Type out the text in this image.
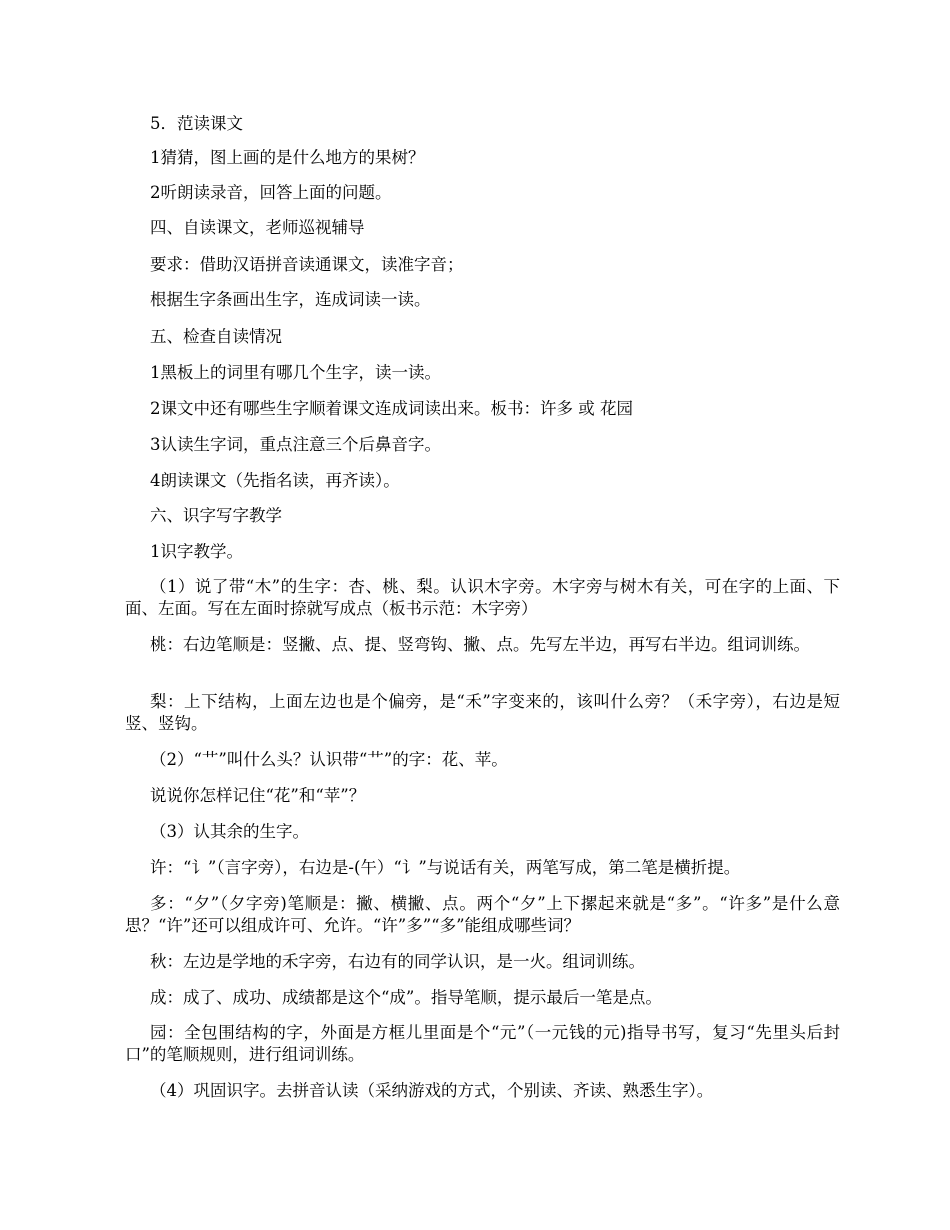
5．范读课文
1猜猜，图上画的是什么地方的果树？
2听朗读录音，回答上面的问题。
四、自读课文，老师巡视辅导
要求：借助汉语拼音读通课文，读准字音；
根据生字条画出生字，连成词读一读。
五、检查自读情况
1黑板上的词里有哪几个生字，读一读。
2课文中还有哪些生字顺着课文连成词读出来。板书：许多 或 花园
3认读生字词，重点注意三个后鼻音字。
4朗读课文（先指名读，再齐读）。
六、识字写字教学
1识字教学。
（1）说了带“木”的生字：杏、桃、梨。认识木字旁。木字旁与树木有关，可在字的上面、下面、左面。写在左面时捺就写成点（板书示范：木字旁）
桃：右边笔顺是：竖撇、点、提、竖弯钩、撇、点。先写左半边，再写右半边。组词训练。
梨：上下结构，上面左边也是个偏旁，是“禾”字变来的，该叫什么旁？（禾字旁），右边是短竖、竖钩。
（2）“艹”叫什么头？认识带“艹”的字：花、苹。
说说你怎样记住“花”和“苹”？
（3）认其余的生字。
许：“讠”（言字旁），右边是-(午）“讠”与说话有关，两笔写成，第二笔是横折提。
多：“夕”（夕字旁)笔顺是：撇、横撇、点。两个“夕”上下摞起来就是“多”。“许多”是什么意思？“许”还可以组成许可、允许。“许”多”“多”能组成哪些词？
秋：左边是学地的禾字旁，右边有的同学认识，是一火。组词训练。
成：成了、成功、成绩都是这个“成”。指导笔顺，提示最后一笔是点。
园：全包围结构的字，外面是方框儿里面是个“元”（一元钱的元)指导书写，复习“先里头后封口”的笔顺规则，进行组词训练。
（4）巩固识字。去拼音认读（采纳游戏的方式，个别读、齐读、熟悉生字）。
